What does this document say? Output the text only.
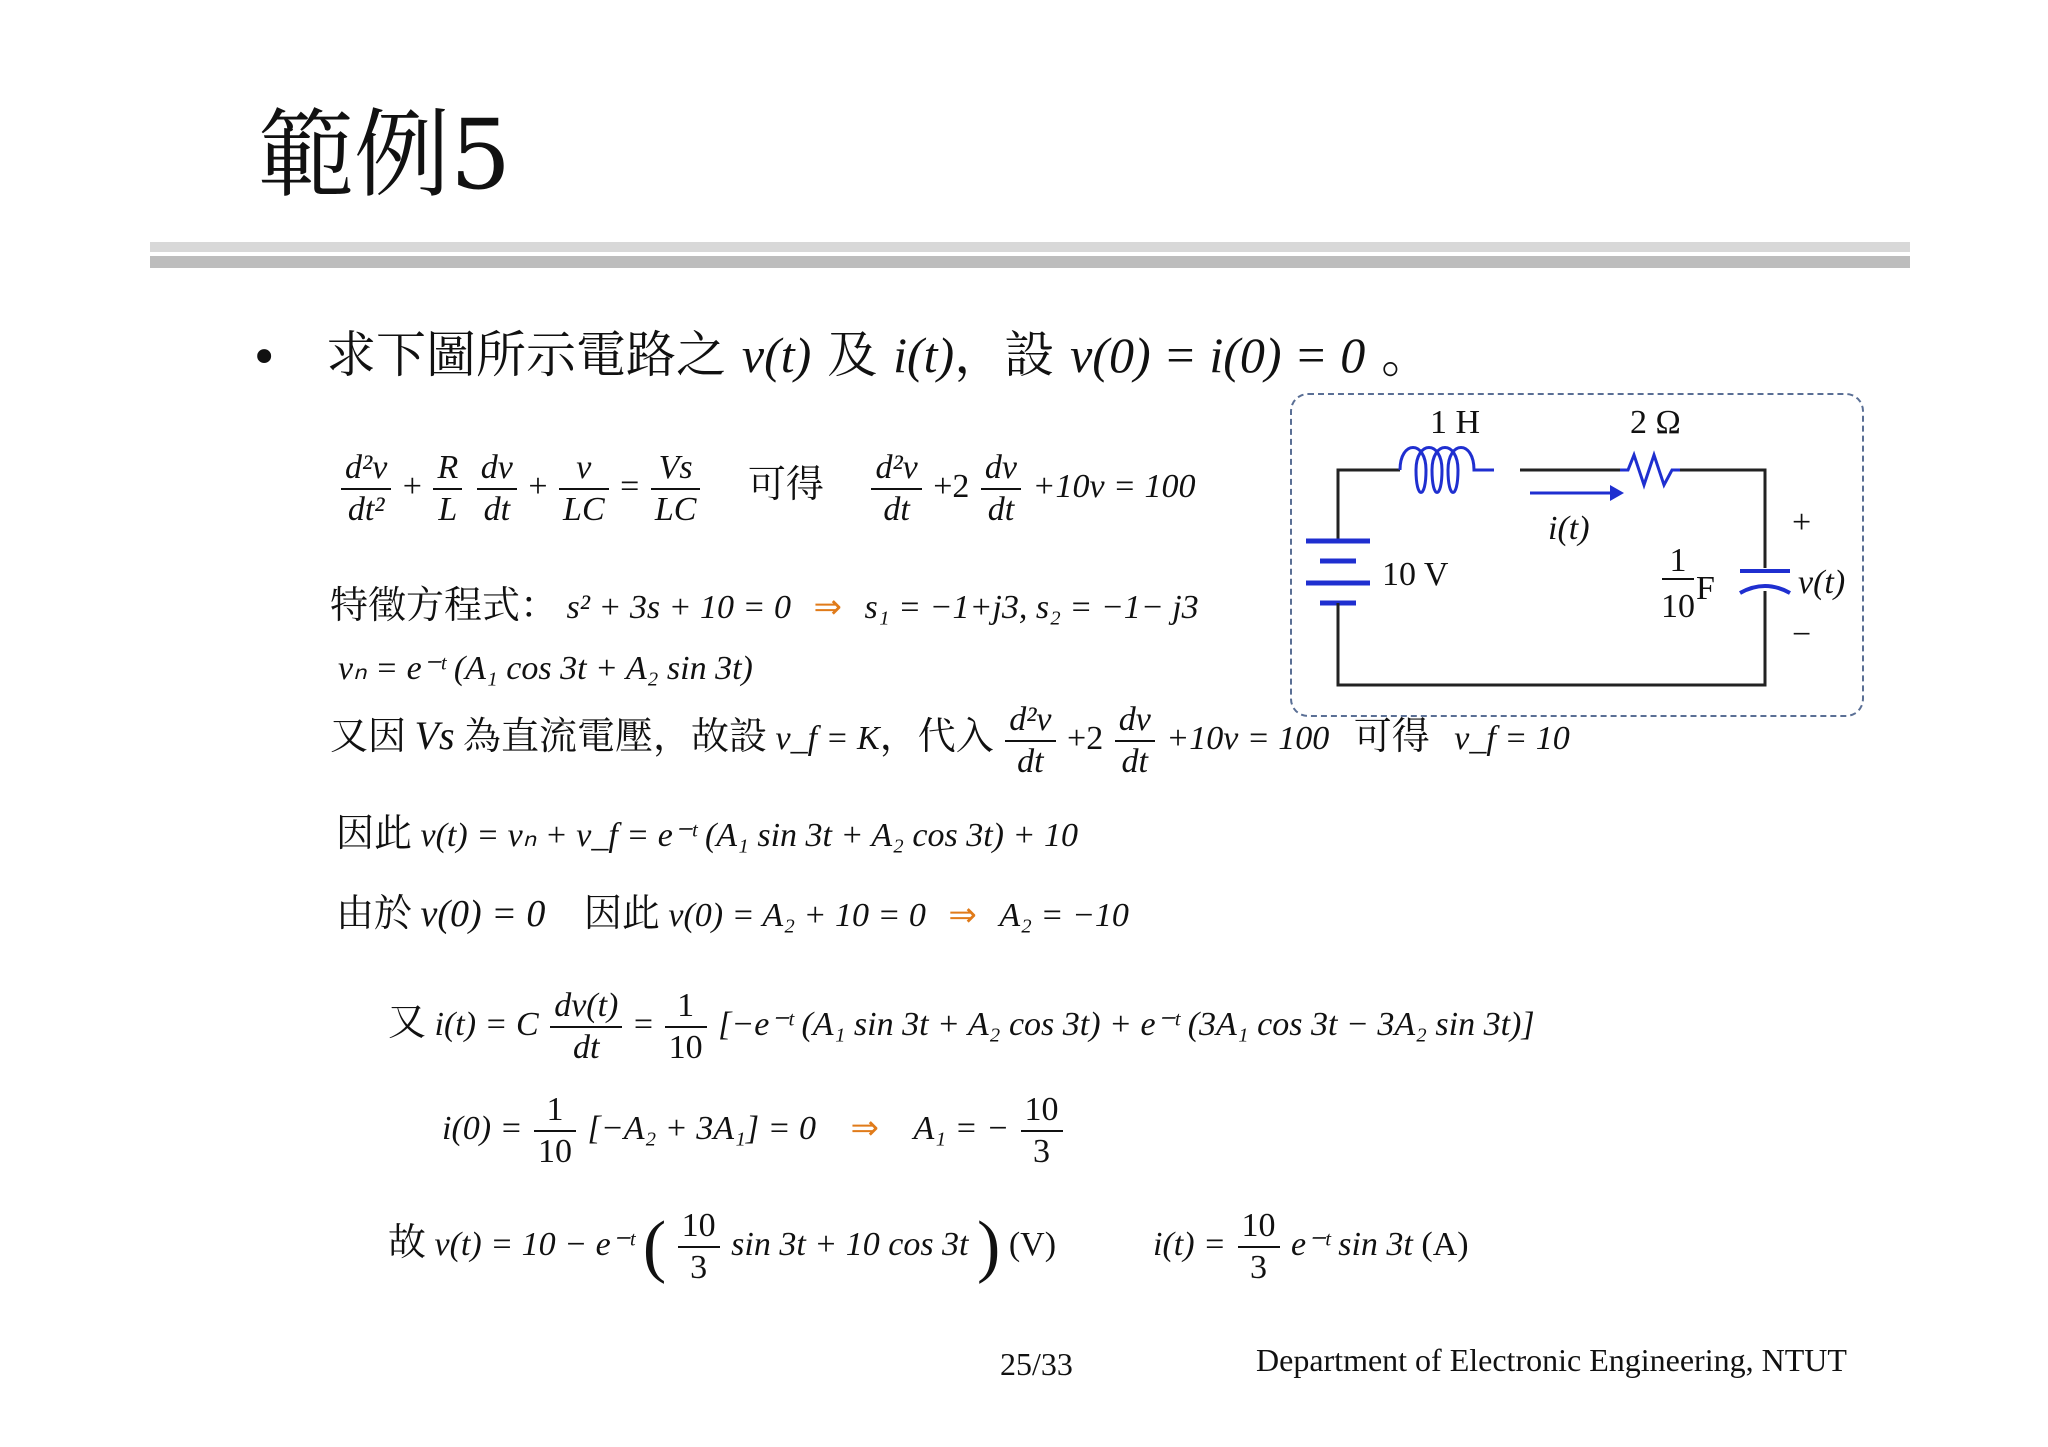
範例5
• 求下圖所示電路之 v(t) 及 i(t)，設 v(0) = i(0) = 0 。
$\frac{\text{d²v}}{\text{dt²}} + \frac{R}{L}$
$\frac{dv}{dt} + \frac{v}{LC} = \frac{Vs}{LC}$ 可得 $\frac{\text{d²v}}{dt} +2 \frac{dv}{dt} +10v = 100$
特徵方程式： s² + 3s + 10 = 0 ⇒ s₁ = −1+j3, s₂ = −1− j3
vₙ = e⁻ᵗ (A₁ cos 3t + A₂ sin 3t)
又因 Vs 為直流電壓，故設 v_f = K，代入 $\frac{\text{d²v}}{dt} +2 \frac{dv}{dt} +10v = 100$ 可得 v_f = 10
因此 v(t) = vₙ + v_f = e⁻ᵗ (A₁ sin 3t + A₂ cos 3t) + 10
由於 v(0) = 0 因此 v(0) = A₂ + 10 = 0 ⇒ A₂ = −10
又 i(t) = C $\frac{dv(t)}{dt} = \frac{1}{10}$ [−e⁻ᵗ (A₁ sin 3t + A₂ cos 3t) + e⁻ᵗ (3A₁ cos 3t − 3A₂ sin 3t)]
$i(0) = \frac{1}{10} [-A_2 + 3A_1] = 0$ ⇒ A₁ = − $\frac{10}{3}$
故 v(t) = 10 − e⁻ᵗ ( $\frac{10}{3}$ sin 3t + 10 cos 3t ) (V)	$i(t) = \frac{10}{3}$ e⁻ᵗ sin 3t (A)
1 H	2 Ω
i(t)
10 V	1
10 F
+
v(t)
−
25/33	Department of Electronic Engineering, NTUT
